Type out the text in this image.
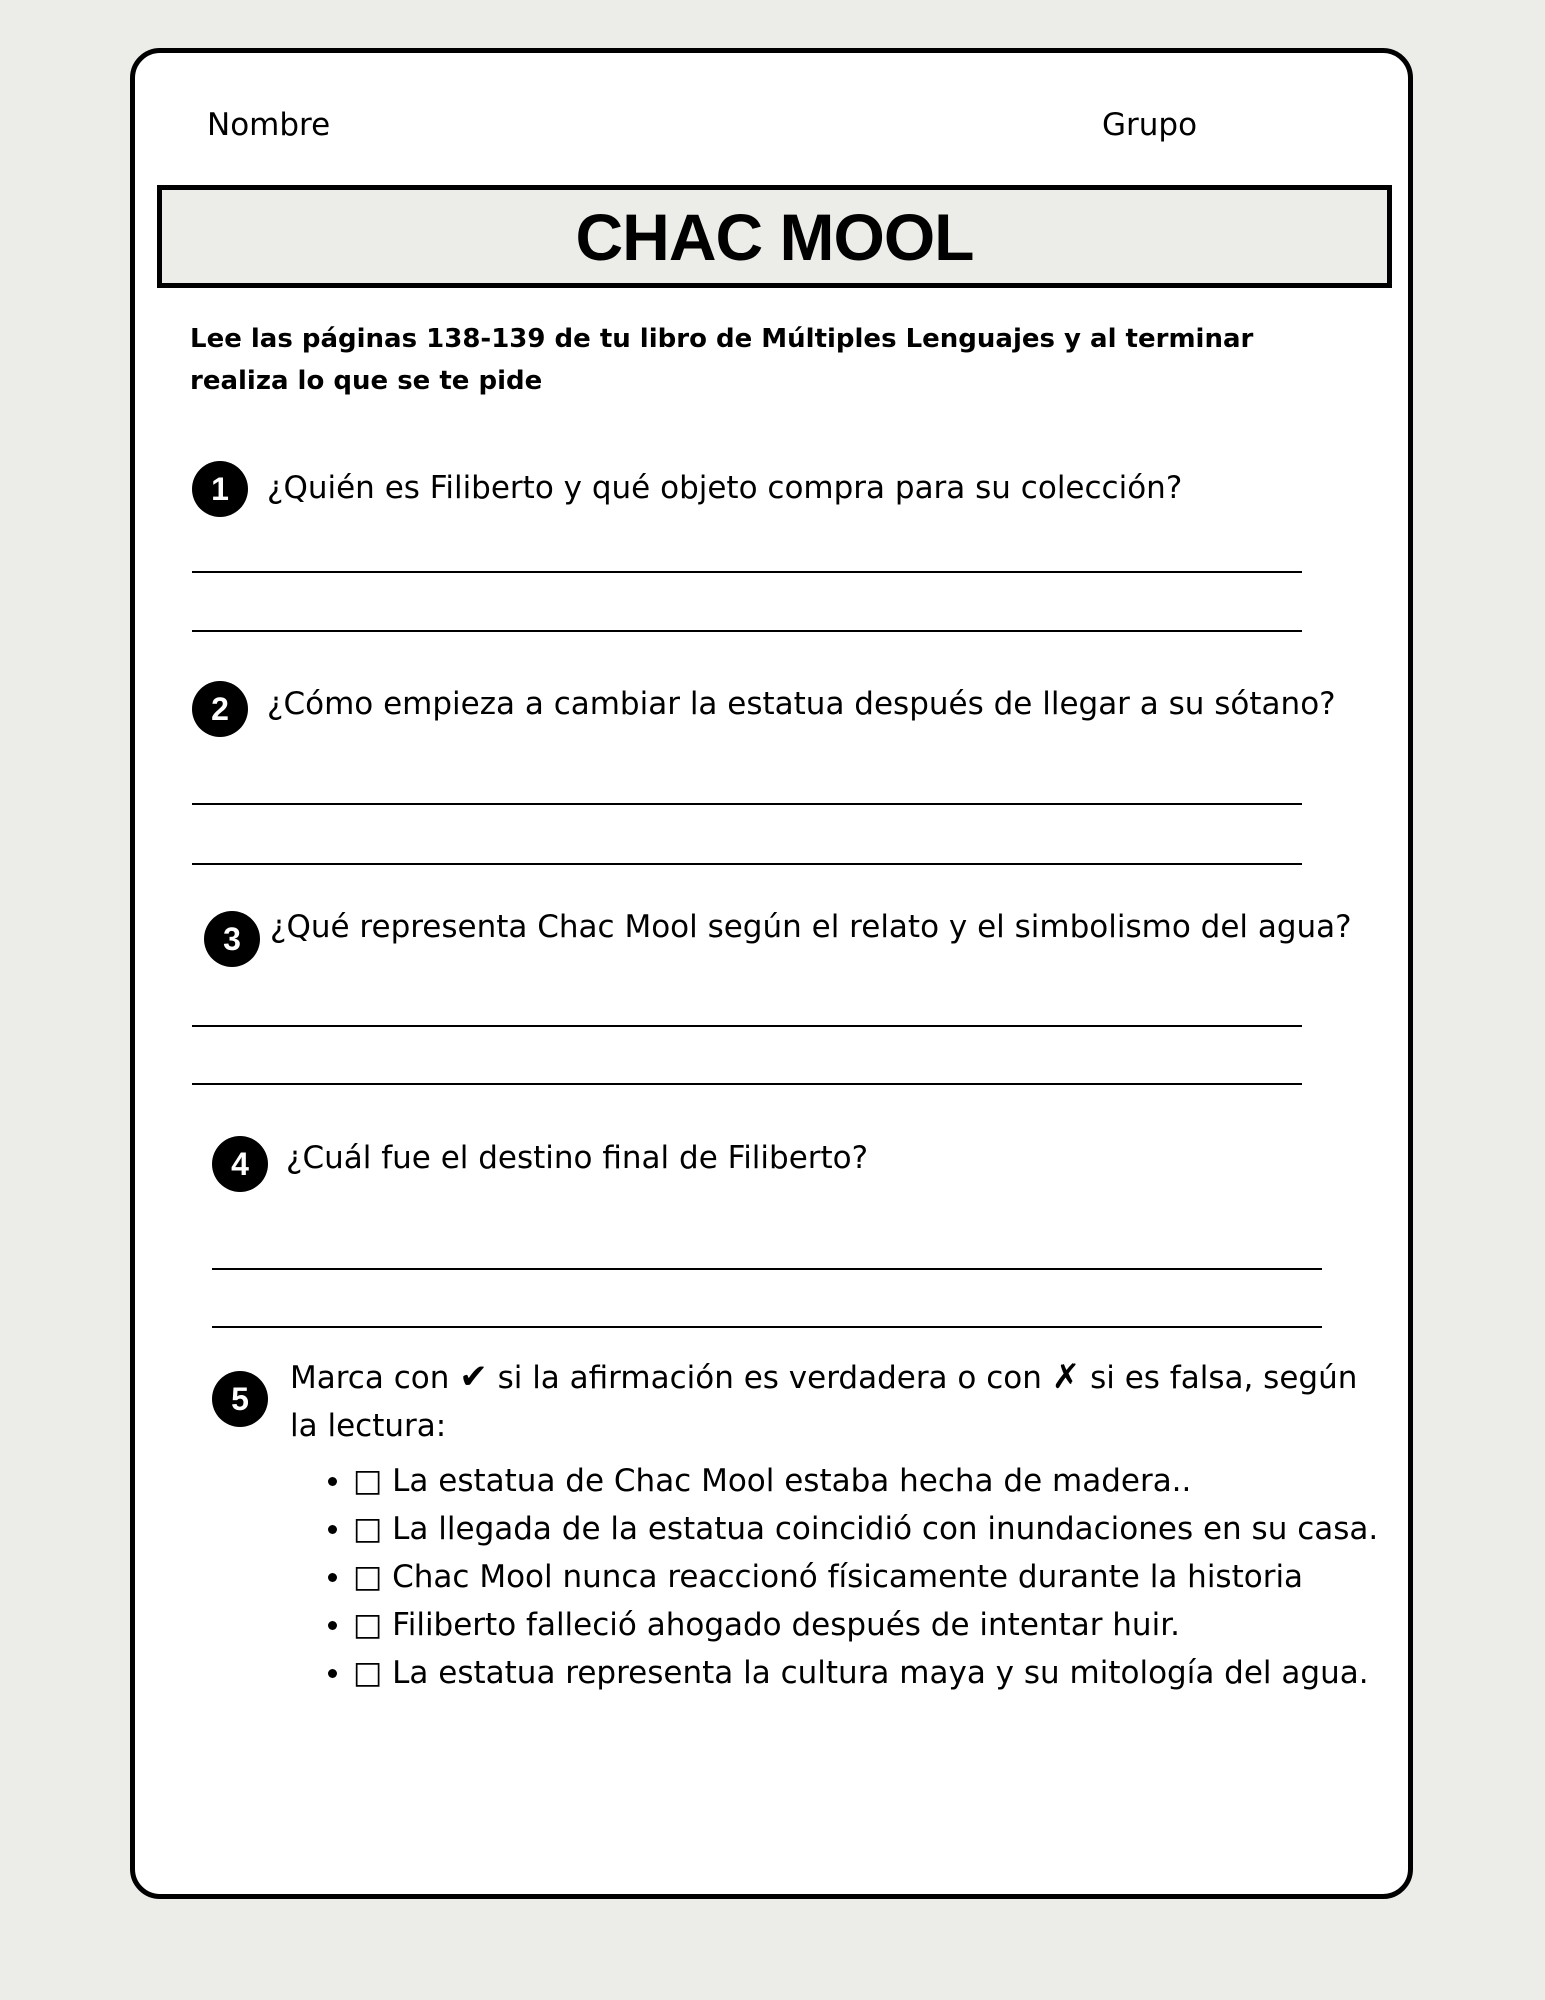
Nombre	Grupo
CHAC MOOL
Lee las páginas 138-139 de tu libro de Múltiples Lenguajes y al terminar realiza lo que se te pide
1	¿Quién es Filiberto y qué objeto compra para su colección?
2	¿Cómo empieza a cambiar la estatua después de llegar a su sótano?
3 ¿Qué representa Chac Mool según el relato y el simbolismo del agua?
4	¿Cuál fue el destino final de Filiberto?
5
Marca con ✔ si la afirmación es verdadera o con ✗ si es falsa, según la lectura:
• □ La estatua de Chac Mool estaba hecha de madera..
• □ La llegada de la estatua coincidió con inundaciones en su casa.
• □ Chac Mool nunca reaccionó físicamente durante la historia
• □ Filiberto falleció ahogado después de intentar huir.
• □ La estatua representa la cultura maya y su mitología del agua.
